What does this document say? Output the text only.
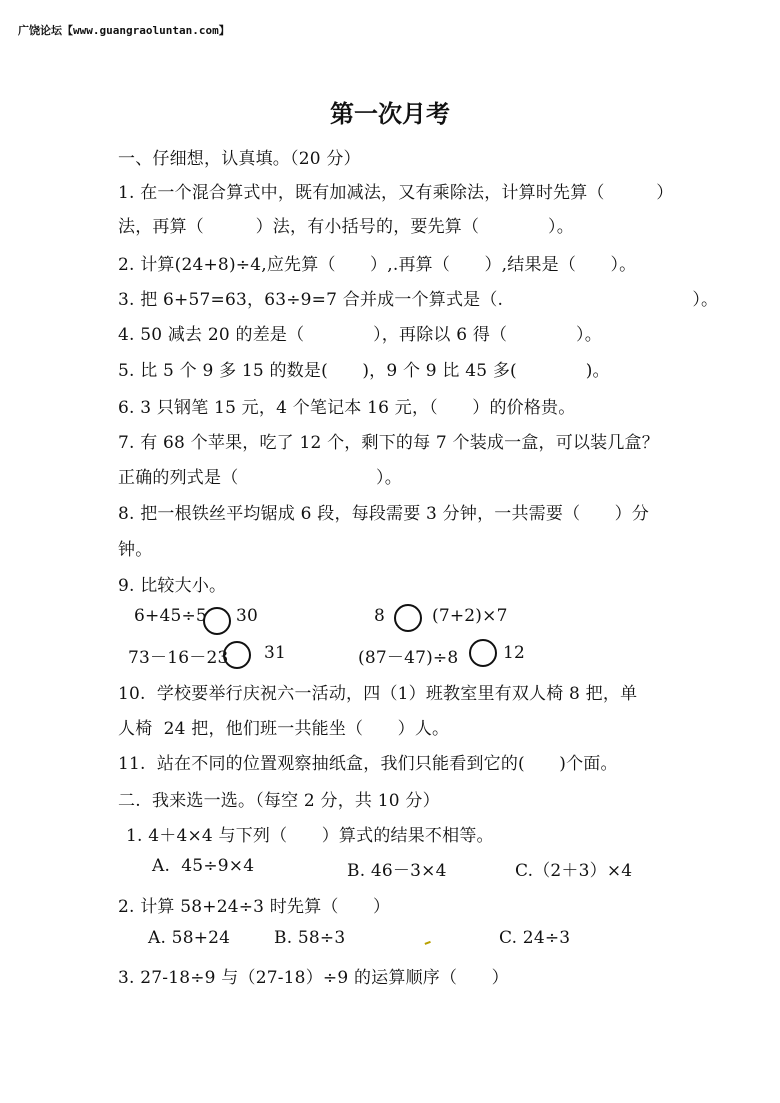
广饶论坛【www.guangraoluntan.com】
第一次月考
一、仔细想，认真填。（20 分）
1. 在一个混合算式中，既有加减法，又有乘除法，计算时先算（　　　）
法，再算（　　　）法，有小括号的，要先算（　　　　）。
2. 计算(24+8)÷4,应先算（　　）,.再算（　　）,结果是（　　）。
3. 把 6+57=63，63÷9=7 合并成一个算式是（.　　　　　　　　　　　）。
4. 50 减去 20 的差是（　　　　），再除以 6 得（　　　　）。
5. 比 5 个 9 多 15 的数是(　　)，9 个 9 比 45 多(　　　　)。
6. 3 只钢笔 15 元，4 个笔记本 16 元，（　　）的价格贵。
7. 有 68 个苹果，吃了 12 个，剩下的每 7 个装成一盒，可以装几盒？
正确的列式是（　　　　　　　　）。
8. 把一根铁丝平均锯成 6 段，每段需要 3 分钟，一共需要（　　）分
钟。
9. 比较大小。
6+45÷5 30	8	(7+2)×7
73－16－23 31	(87－47)÷8	12
10.  学校要举行庆祝六一活动，四（1）班教室里有双人椅 8 把，单
人椅  24 把，他们班一共能坐（　　）人。
11.  站在不同的位置观察抽纸盒，我们只能看到它的(　　)个面。
二.  我来选一选。（每空 2 分，共 10 分）
1. 4＋4×4 与下列（　　）算式的结果不相等。
A.  45÷9×4	B. 46－3×4	C.（2＋3）×4
2. 计算 58+24÷3 时先算（　　）
A. 58+24	B. 58÷3	C. 24÷3
3. 27-18÷9 与（27-18）÷9 的运算顺序（　　）
